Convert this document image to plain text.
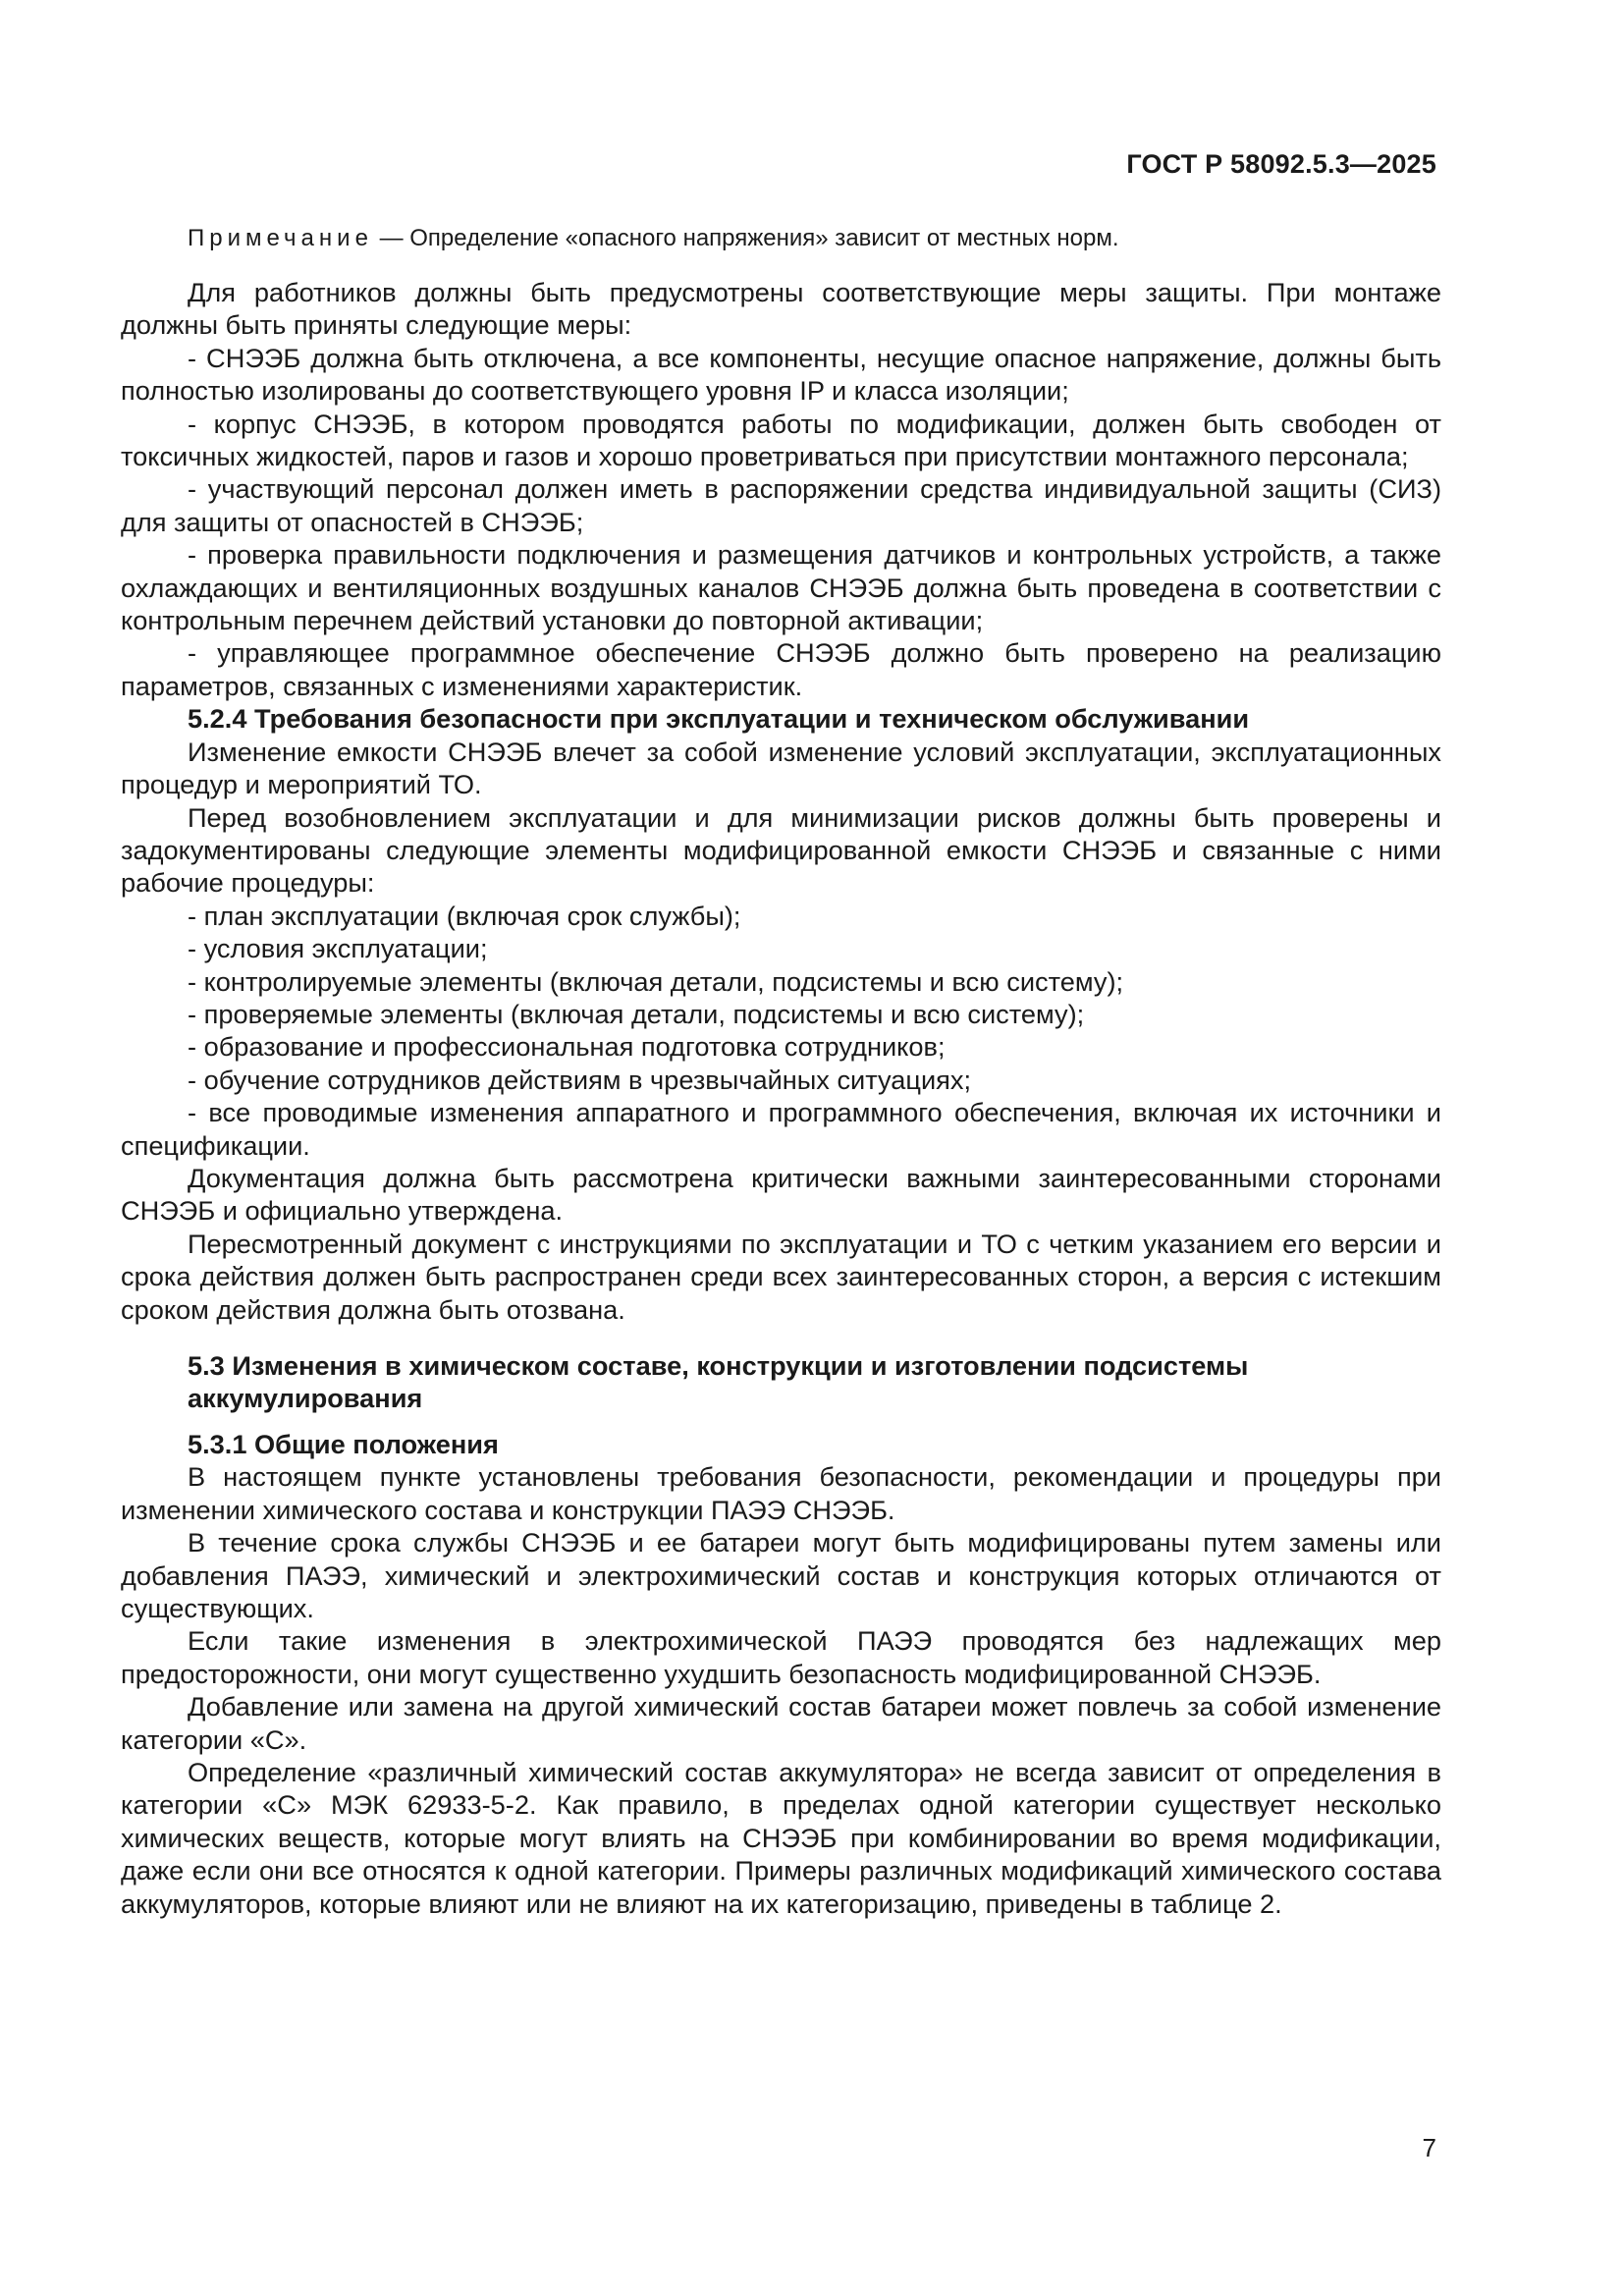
ГОСТ Р 58092.5.3—2025

Примечание — Определение «опасного напряжения» зависит от местных норм.

Для работников должны быть предусмотрены соответствующие меры защиты. При монтаже должны быть приняты следующие меры:

- СНЭЭБ должна быть отключена, а все компоненты, несущие опасное напряжение, должны быть полностью изолированы до соответствующего уровня IP и класса изоляции;

- корпус СНЭЭБ, в котором проводятся работы по модификации, должен быть свободен от токсичных жидкостей, паров и газов и хорошо проветриваться при присутствии монтажного персонала;

- участвующий персонал должен иметь в распоряжении средства индивидуальной защиты (СИЗ) для защиты от опасностей в СНЭЭБ;

- проверка правильности подключения и размещения датчиков и контрольных устройств, а также охлаждающих и вентиляционных воздушных каналов СНЭЭБ должна быть проведена в соответствии с контрольным перечнем действий установки до повторной активации;

- управляющее программное обеспечение СНЭЭБ должно быть проверено на реализацию параметров, связанных с изменениями характеристик.

5.2.4 Требования безопасности при эксплуатации и техническом обслуживании

Изменение емкости СНЭЭБ влечет за собой изменение условий эксплуатации, эксплуатационных процедур и мероприятий ТО.

Перед возобновлением эксплуатации и для минимизации рисков должны быть проверены и задокументированы следующие элементы модифицированной емкости СНЭЭБ и связанные с ними рабочие процедуры:

- план эксплуатации (включая срок службы);

- условия эксплуатации;

- контролируемые элементы (включая детали, подсистемы и всю систему);

- проверяемые элементы (включая детали, подсистемы и всю систему);

- образование и профессиональная подготовка сотрудников;

- обучение сотрудников действиям в чрезвычайных ситуациях;

- все проводимые изменения аппаратного и программного обеспечения, включая их источники и спецификации.

Документация должна быть рассмотрена критически важными заинтересованными сторонами СНЭЭБ и официально утверждена.

Пересмотренный документ с инструкциями по эксплуатации и ТО с четким указанием его версии и срока действия должен быть распространен среди всех заинтересованных сторон, а версия с истекшим сроком действия должна быть отозвана.

5.3 Изменения в химическом составе, конструкции и изготовлении подсистемы аккумулирования

5.3.1 Общие положения

В настоящем пункте установлены требования безопасности, рекомендации и процедуры при изменении химического состава и конструкции ПАЭЭ СНЭЭБ.

В течение срока службы СНЭЭБ и ее батареи могут быть модифицированы путем замены или добавления ПАЭЭ, химический и электрохимический состав и конструкция которых отличаются от существующих.

Если такие изменения в электрохимической ПАЭЭ проводятся без надлежащих мер предосторожности, они могут существенно ухудшить безопасность модифицированной СНЭЭБ.

Добавление или замена на другой химический состав батареи может повлечь за собой изменение категории «С».

Определение «различный химический состав аккумулятора» не всегда зависит от определения в категории «С» МЭК 62933-5-2. Как правило, в пределах одной категории существует несколько химических веществ, которые могут влиять на СНЭЭБ при комбинировании во время модификации, даже если они все относятся к одной категории. Примеры различных модификаций химического состава аккумуляторов, которые влияют или не влияют на их категоризацию, приведены в таблице 2.

7
